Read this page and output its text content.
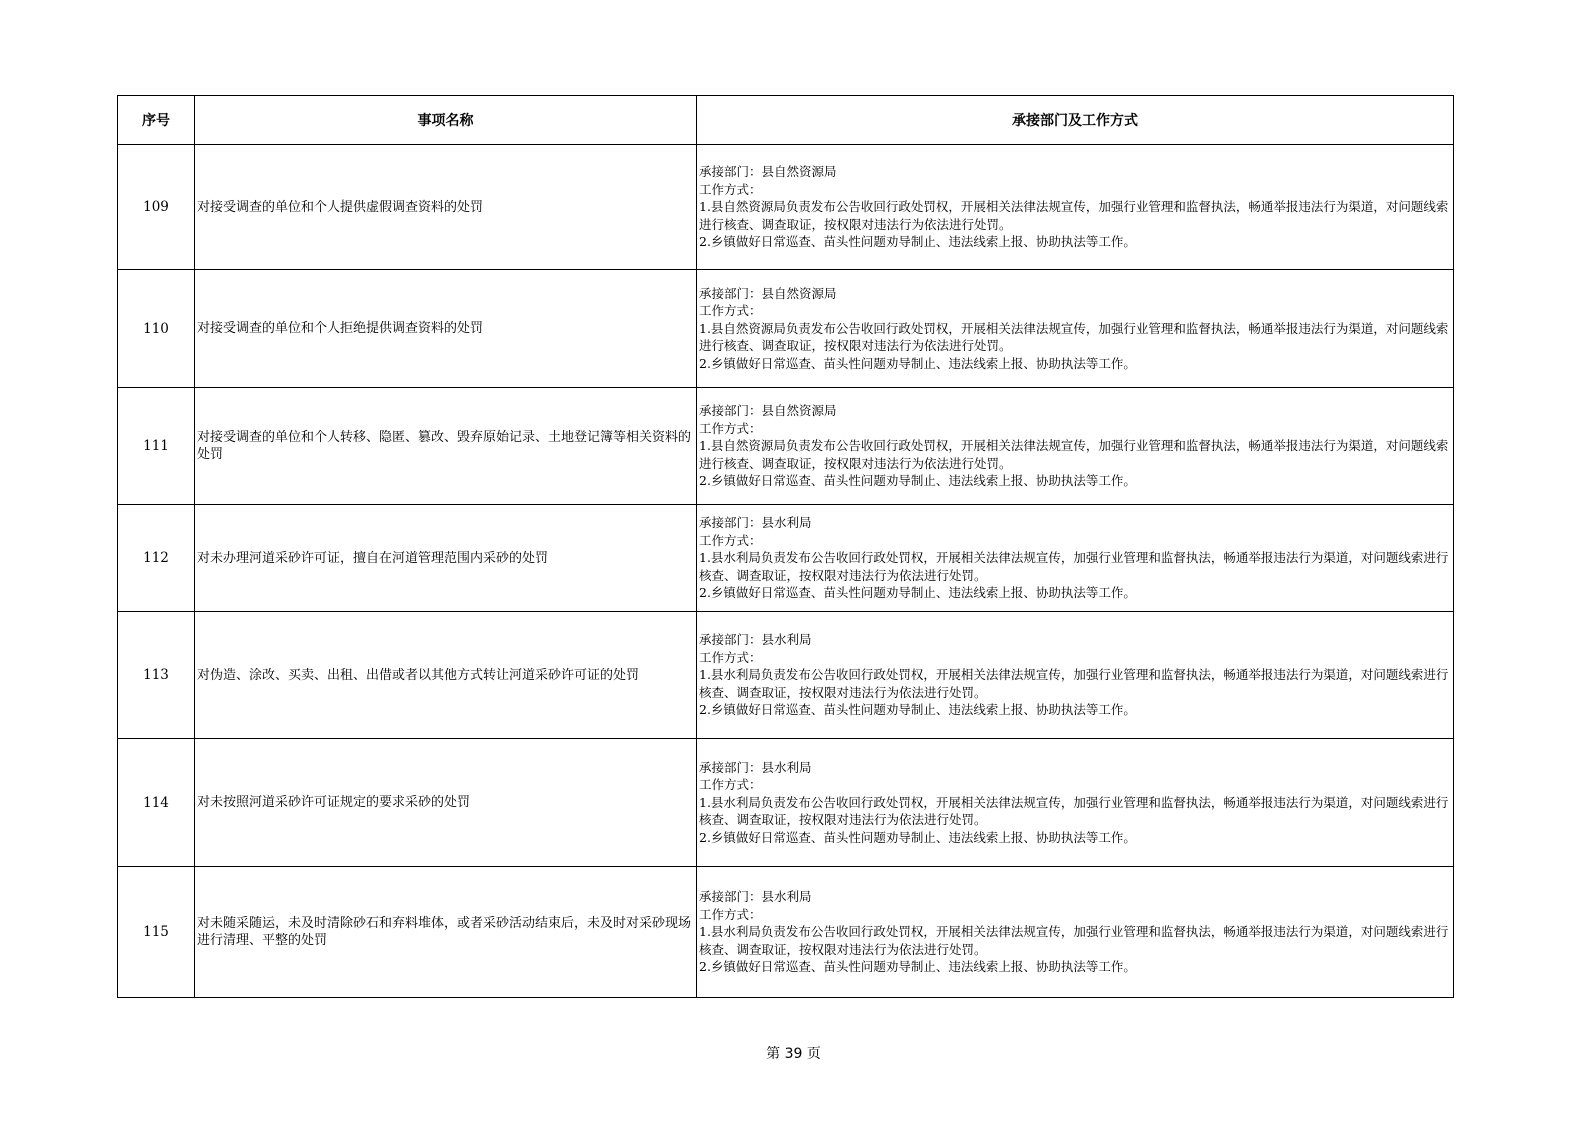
序号	事项名称	承接部门及工作方式
109	对接受调查的单位和个人提供虚假调查资料的处罚	承接部门：县自然资源局
工作方式：
1.县自然资源局负责发布公告收回行政处罚权，开展相关法律法规宣传，加强行业管理和监督执法，畅通举报违法行为渠道，对问题线索进行核查、调查取证，按权限对违法行为依法进行处罚。
2.乡镇做好日常巡查、苗头性问题劝导制止、违法线索上报、协助执法等工作。

110	对接受调查的单位和个人拒绝提供调查资料的处罚	承接部门：县自然资源局
工作方式：
1.县自然资源局负责发布公告收回行政处罚权，开展相关法律法规宣传，加强行业管理和监督执法，畅通举报违法行为渠道，对问题线索进行核查、调查取证，按权限对违法行为依法进行处罚。
2.乡镇做好日常巡查、苗头性问题劝导制止、违法线索上报、协助执法等工作。

111	对接受调查的单位和个人转移、隐匿、篡改、毁弃原始记录、土地登记簿等相关资料的处罚	承接部门：县自然资源局
工作方式：
1.县自然资源局负责发布公告收回行政处罚权，开展相关法律法规宣传，加强行业管理和监督执法，畅通举报违法行为渠道，对问题线索进行核查、调查取证，按权限对违法行为依法进行处罚。
2.乡镇做好日常巡查、苗头性问题劝导制止、违法线索上报、协助执法等工作。

112	对未办理河道采砂许可证，擅自在河道管理范围内采砂的处罚	承接部门：县水利局
工作方式：
1.县水利局负责发布公告收回行政处罚权，开展相关法律法规宣传，加强行业管理和监督执法，畅通举报违法行为渠道，对问题线索进行核查、调查取证，按权限对违法行为依法进行处罚。
2.乡镇做好日常巡查、苗头性问题劝导制止、违法线索上报、协助执法等工作。

113	对伪造、涂改、买卖、出租、出借或者以其他方式转让河道采砂许可证的处罚	承接部门：县水利局
工作方式：
1.县水利局负责发布公告收回行政处罚权，开展相关法律法规宣传，加强行业管理和监督执法，畅通举报违法行为渠道，对问题线索进行核查、调查取证，按权限对违法行为依法进行处罚。
2.乡镇做好日常巡查、苗头性问题劝导制止、违法线索上报、协助执法等工作。

114	对未按照河道采砂许可证规定的要求采砂的处罚	承接部门：县水利局
工作方式：
1.县水利局负责发布公告收回行政处罚权，开展相关法律法规宣传，加强行业管理和监督执法，畅通举报违法行为渠道，对问题线索进行核查、调查取证，按权限对违法行为依法进行处罚。
2.乡镇做好日常巡查、苗头性问题劝导制止、违法线索上报、协助执法等工作。

115	对未随采随运，未及时清除砂石和弃料堆体，或者采砂活动结束后，未及时对采砂现场进行清理、平整的处罚	承接部门：县水利局
工作方式：
1.县水利局负责发布公告收回行政处罚权，开展相关法律法规宣传，加强行业管理和监督执法，畅通举报违法行为渠道，对问题线索进行核查、调查取证，按权限对违法行为依法进行处罚。
2.乡镇做好日常巡查、苗头性问题劝导制止、违法线索上报、协助执法等工作。
第 39 页
